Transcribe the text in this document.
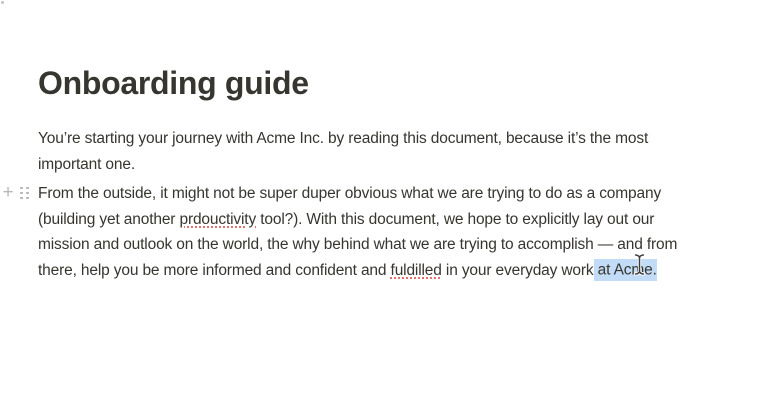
Onboarding guide
You’re starting your journey with Acme Inc. by reading this document, because it’s the most
important one.
+ From the outside, it might not be super duper obvious what we are trying to do as a company
(building yet another prdouctivity tool?). With this document, we hope to explicitly lay out our
mission and outlook on the world, the why behind what we are trying to accomplish — and from
there, help you be more informed and confident and fuldilled in your everyday work at Acme.
